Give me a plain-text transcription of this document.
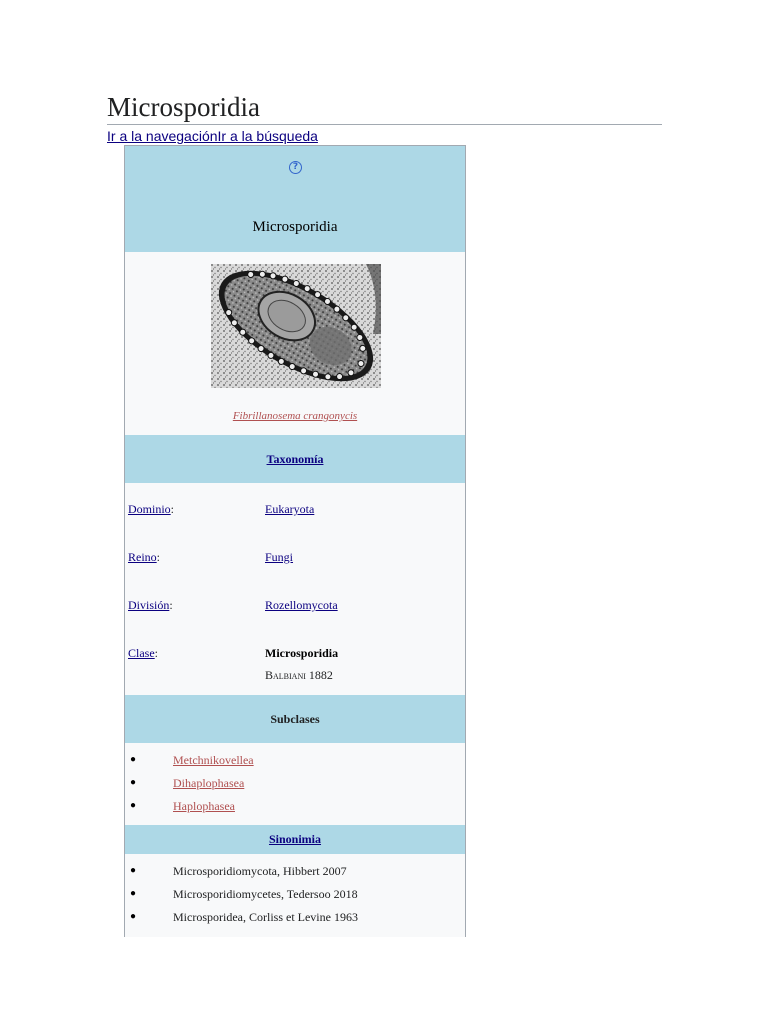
Microsporidia
Ir a la navegaciónIr a la búsqueda
?
Microsporidia
Fibrillanosema crangonycis
Taxonomía
Dominio:	Eukaryota
Reino:	Fungi
División:	Rozellomycota
Clase:	Microsporidia
Balbiani 1882
Subclases
●	Metchnikovellea
●	Dihaplophasea
●	Haplophasea
Sinonimia
●	Microsporidiomycota, Hibbert 2007
●	Microsporidiomycetes, Tedersoo 2018
●	Microsporidea, Corliss et Levine 1963
